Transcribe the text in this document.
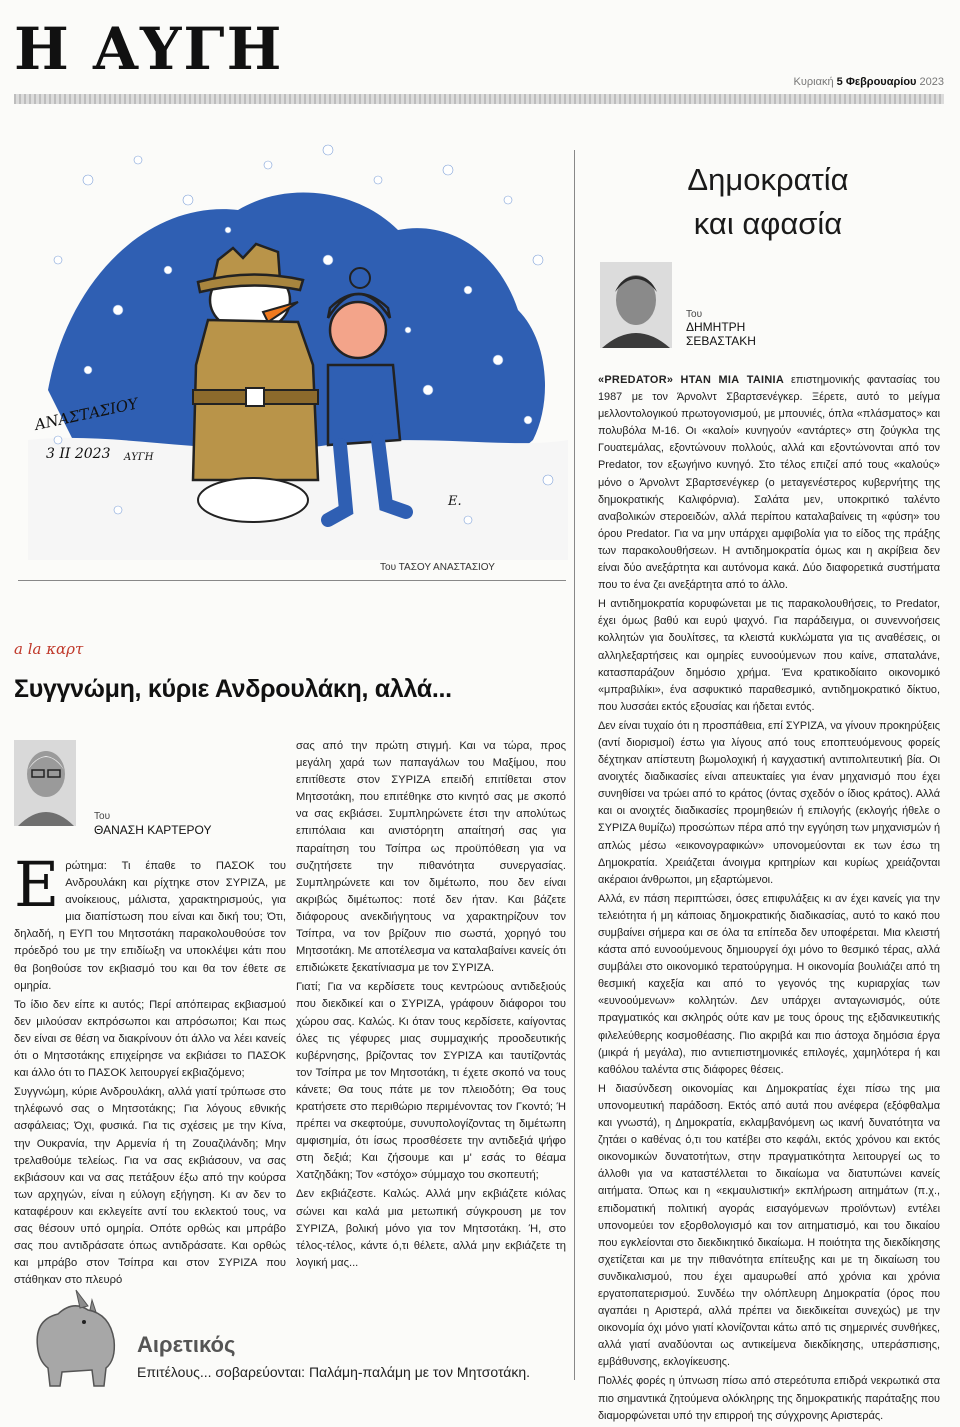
Η ΑΥΓΗ	Κυριακή 5 Φεβρουαρίου 2023
ΑΝΑΣΤΑΣΙΟΥ
3 ΙΙ 2023 ΑΥΓΗ
Ε.
Του ΤΑΣΟΥ ΑΝΑΣΤΑΣΙΟΥ
a la καρτ
Συγγνώμη, κύριε Ανδρουλάκη, αλλά...
Του
ΘΑΝΑΣΗ ΚΑΡΤΕΡΟΥ

Ερώτημα: Τι έπαθε το ΠΑΣΟΚ του Ανδρουλάκη και ρίχτηκε στον ΣΥΡΙΖΑ, με ανοίκειους, μάλιστα, χαρακτηρισμούς, για μια διαπίστωση που είναι και δική του; Ότι, δηλαδή, η ΕΥΠ του Μητσοτάκη παρακολουθούσε τον πρόεδρό του με την επιδίωξη να υποκλέψει κάτι που θα βοηθούσε τον εκβιασμό του και θα τον έθετε σε ομηρία.

Το ίδιο δεν είπε κι αυτός; Περί απόπειρας εκβιασμού δεν μιλούσαν εκπρόσωποι και απρόσωποι; Και πως δεν είναι σε θέση να διακρίνουν ότι άλλο να λέει κανείς ότι ο Μητσοτάκης επιχείρησε να εκβιάσει το ΠΑΣΟΚ και άλλο ότι το ΠΑΣΟΚ λειτουργεί εκβιαζόμενο;

Συγγνώμη, κύριε Ανδρουλάκη, αλλά γιατί τρύπωσε στο τηλέφωνό σας ο Μητσοτάκης; Για λόγους εθνικής ασφάλειας; Όχι, φυσικά. Για τις σχέσεις με την Κίνα, την Ουκρανία, την Αρμενία ή τη Ζουαζιλάνδη; Μην τρελαθούμε τελείως. Για να σας εκβιάσουν, να σας εκβιάσουν και να σας πετάξουν έξω από την κούρσα των αρχηγών, είναι η εύλογη εξήγηση. Κι αν δεν το καταφέρουν και εκλεγείτε αντί του εκλεκτού τους, να σας θέσουν υπό ομηρία. Οπότε ορθώς και μπράβο σας που αντιδράσατε όπως αντιδράσατε. Και ορθώς και μπράβο στον Τσίπρα και στον ΣΥΡΙΖΑ που στάθηκαν στο πλευρό

σας από την πρώτη στιγμή. Και να τώρα, προς μεγάλη χαρά των παπαγάλων του Μαξίμου, που επιτίθεστε στον ΣΥΡΙΖΑ επειδή επιτίθεται στον Μητσοτάκη, που επιτέθηκε στο κινητό σας με σκοπό να σας εκβιάσει. Συμπληρώνετε έτσι την απολύτως επιπόλαια και ανιστόρητη απαίτησή σας για παραίτηση του Τσίπρα ως προϋπόθεση για να συζητήσετε την πιθανότητα συνεργασίας. Συμπληρώνετε και τον διμέτωπο, που δεν είναι ακριβώς διμέτωπος: ποτέ δεν ήταν. Και βάζετε διάφορους ανεκδιήγητους να χαρακτηρίζουν τον Τσίπρα, να τον βρίζουν πιο σωστά, χορηγό του Μητσοτάκη. Με αποτέλεσμα να καταλαβαίνει κανείς ότι επιδιώκετε ξεκατίνιασμα με τον ΣΥΡΙΖΑ.

Γιατί; Για να κερδίσετε τους κεντρώους αντιδεξιούς που διεκδικεί και ο ΣΥΡΙΖΑ, γράφουν διάφοροι του χώρου σας. Καλώς. Κι όταν τους κερδίσετε, καίγοντας όλες τις γέφυρες μιας συμμαχικής προοδευτικής κυβέρνησης, βρίζοντας τον ΣΥΡΙΖΑ και ταυτίζοντάς τον Τσίπρα με τον Μητσοτάκη, τι έχετε σκοπό να τους κάνετε; Θα τους πάτε με τον πλειοδότη; Θα τους κρατήσετε στο περιθώριο περιμένοντας τον Γκοντό; Ή πρέπει να σκεφτούμε, συνυπολογίζοντας τη διμέτωπη αμφισημία, ότι ίσως προσθέσετε την αντιδεξιά ψήφο στη δεξιά; Και ζήσουμε και μ' εσάς το θέαμα Χατζηδάκη; Τον «στόχο» σύμμαχο του σκοπευτή;

Δεν εκβιάζεστε. Καλώς. Αλλά μην εκβιάζετε κιόλας σώνει και καλά μια μετωπική σύγκρουση με τον ΣΥΡΙΖΑ, βολική μόνο για τον Μητσοτάκη. Ή, στο τέλος-τέλος, κάντε ό,τι θέλετε, αλλά μην εκβιάζετε τη λογική μας...

Δημοκρατία
και αφασία
Του
ΔΗΜΗΤΡΗ
ΣΕΒΑΣΤΑΚΗ

«PREDATOR» ΗΤΑΝ ΜΙΑ ΤΑΙΝΙΑ επιστημονικής φαντασίας του 1987 με τον Άρνολντ Σβαρτσενέγκερ. Ξέρετε, αυτό το μείγμα μελλοντολογικού πρωτογονισμού, με μπουνιές, όπλα «πλάσματος» και πολυβόλα Μ-16. Οι «καλοί» κυνηγούν «αντάρτες» στη ζούγκλα της Γουατεμάλας, εξοντώνουν πολλούς, αλλά και εξοντώνονται από τον Predator, τον εξωγήινο κυνηγό. Στο τέλος επιζεί από τους «καλούς» μόνο ο Άρνολντ Σβαρτσενέγκερ (ο μεταγενέστερος κυβερνήτης της δημοκρατικής Καλιφόρνια). Σαλάτα μεν, υποκριτικό ταλέντο αναβολικών στεροειδών, αλλά περίπου καταλαβαίνεις τη «φύση» του όρου Predator. Για να μην υπάρχει αμφιβολία για το είδος της πράξης των παρακολουθήσεων. Η αντιδημοκρατία όμως και η ακρίβεια δεν είναι δύο ανεξάρτητα και αυτόνομα κακά. Δύο διαφορετικά συστήματα που το ένα ζει ανεξάρτητα από το άλλο.

Η αντιδημοκρατία κορυφώνεται με τις παρακολουθήσεις, το Predator, έχει όμως βαθύ και ευρύ ψαχνό. Για παράδειγμα, οι συνεννοήσεις κολλητών για δουλίτσες, τα κλειστά κυκλώματα για τις αναθέσεις, οι αλληλεξαρτήσεις και ομηρίες ευνοούμενων που καίνε, σπαταλάνε, κατασπαράζουν δημόσιο χρήμα. Ένα κρατικοδίαιτο οικονομικό «μπραβιλίκι», ένα ασφυκτικό παραθεσμικό, αντιδημοκρατικό δίκτυο, που λυσσάει εκτός εξουσίας και ήδεται εντός.

Δεν είναι τυχαίο ότι η προσπάθεια, επί ΣΥΡΙΖΑ, να γίνουν προκηρύξεις (αντί διορισμοί) έστω για λίγους από τους εποπτευόμενους φορείς δέχτηκαν απίστευτη βωμολοχική ή καγχαστική αντιπολιτευτική βία. Οι ανοιχτές διαδικασίες είναι απευκταίες για έναν μηχανισμό που έχει συνηθίσει να τρώει από το κράτος (όντας σχεδόν ο ίδιος κράτος). Αλλά και οι ανοιχτές διαδικασίες προμηθειών ή επιλογής (εκλογής ήθελε ο ΣΥΡΙΖΑ θυμίζω) προσώπων πέρα από την εγγύηση των μηχανισμών ή απλώς μέσω «εικονογραφικών» υπονομεύονται εκ των έσω τη Δημοκρατία. Χρειάζεται άνοιγμα κριτηρίων και κυρίως χρειάζονται ακέραιοι άνθρωποι, μη εξαρτώμενοι.

Αλλά, εν πάση περιπτώσει, όσες επιφυλάξεις κι αν έχει κανείς για την τελειότητα ή μη κάποιας δημοκρατικής διαδικασίας, αυτό το κακό που συμβαίνει σήμερα και σε όλα τα επίπεδα δεν υποφέρεται. Μια κλειστή κάστα από ευνοούμενους δημιουργεί όχι μόνο το θεσμικό τέρας, αλλά συμβάλει στο οικονομικό τερατούργημα. Η οικονομία βουλιάζει από τη θεσμική καχεξία και από το γεγονός της κυριαρχίας των «ευνοούμενων» κολλητών. Δεν υπάρχει ανταγωνισμός, ούτε πραγματικός και σκληρός ούτε καν με τους όρους της εξιδανικευτικής φιλελεύθερης κοσμοθέασης. Πιο ακριβά και πιο άστοχα δημόσια έργα (μικρά ή μεγάλα), πιο αντιεπιστημονικές επιλογές, χαμηλότερα ή και καθόλου ταλέντα στις διάφορες θέσεις.

Η διασύνδεση οικονομίας και Δημοκρατίας έχει πίσω της μια υπονομευτική παράδοση. Εκτός από αυτά που ανέφερα (εξόφθαλμα και γνωστά), η Δημοκρατία, εκλαμβανόμενη ως ικανή δυνατότητα να ζητάει ο καθένας ό,τι του κατέβει στο κεφάλι, εκτός χρόνου και εκτός οικονομικών δυνατοτήτων, στην πραγματικότητα λειτουργεί ως το άλλοθι για να καταστέλλεται το δικαίωμα να διατυπώνει κανείς αιτήματα. Όπως και η «εκμαυλιστική» εκπλήρωση αιτημάτων (π.χ., επιδοματική πολιτική αγοράς εισαγόμενων προϊόντων) εντέλει υπονομεύει τον εξορθολογισμό και τον αιτηματισμό, και του δικαίου που εγκλείονται στο διεκδικητικό δικαίωμα. Η ποιότητα της διεκδίκησης σχετίζεται και με την πιθανότητα επίτευξης και με τη δικαίωση του συνδικαλισμού, που έχει αμαυρωθεί από χρόνια και χρόνια εργατοπατερισμού. Συνδέω την ολόπλευρη Δημοκρατία (όρος που αγαπάει η Αριστερά, αλλά πρέπει να διεκδικείται συνεχώς) με την οικονομία όχι μόνο γιατί κλονίζονται κάτω από τις σημερινές συνθήκες, αλλά γιατί αναδύονται ως αντικείμενα διεκδίκησης, υπεράσπισης, εμβάθυνσης, εκλογίκευσης.

Πολλές φορές η ύπνωση πίσω από στερεότυπα επιδρά νεκρωτικά στα πιο σημαντικά ζητούμενα ολόκληρης της δημοκρατικής παράταξης που διαμορφώνεται υπό την επιρροή της σύγχρονης Αριστεράς.

Αιρετικός
Επιτέλους... σοβαρεύονται: Παλάμη-παλάμη με τον Μητσοτάκη.
